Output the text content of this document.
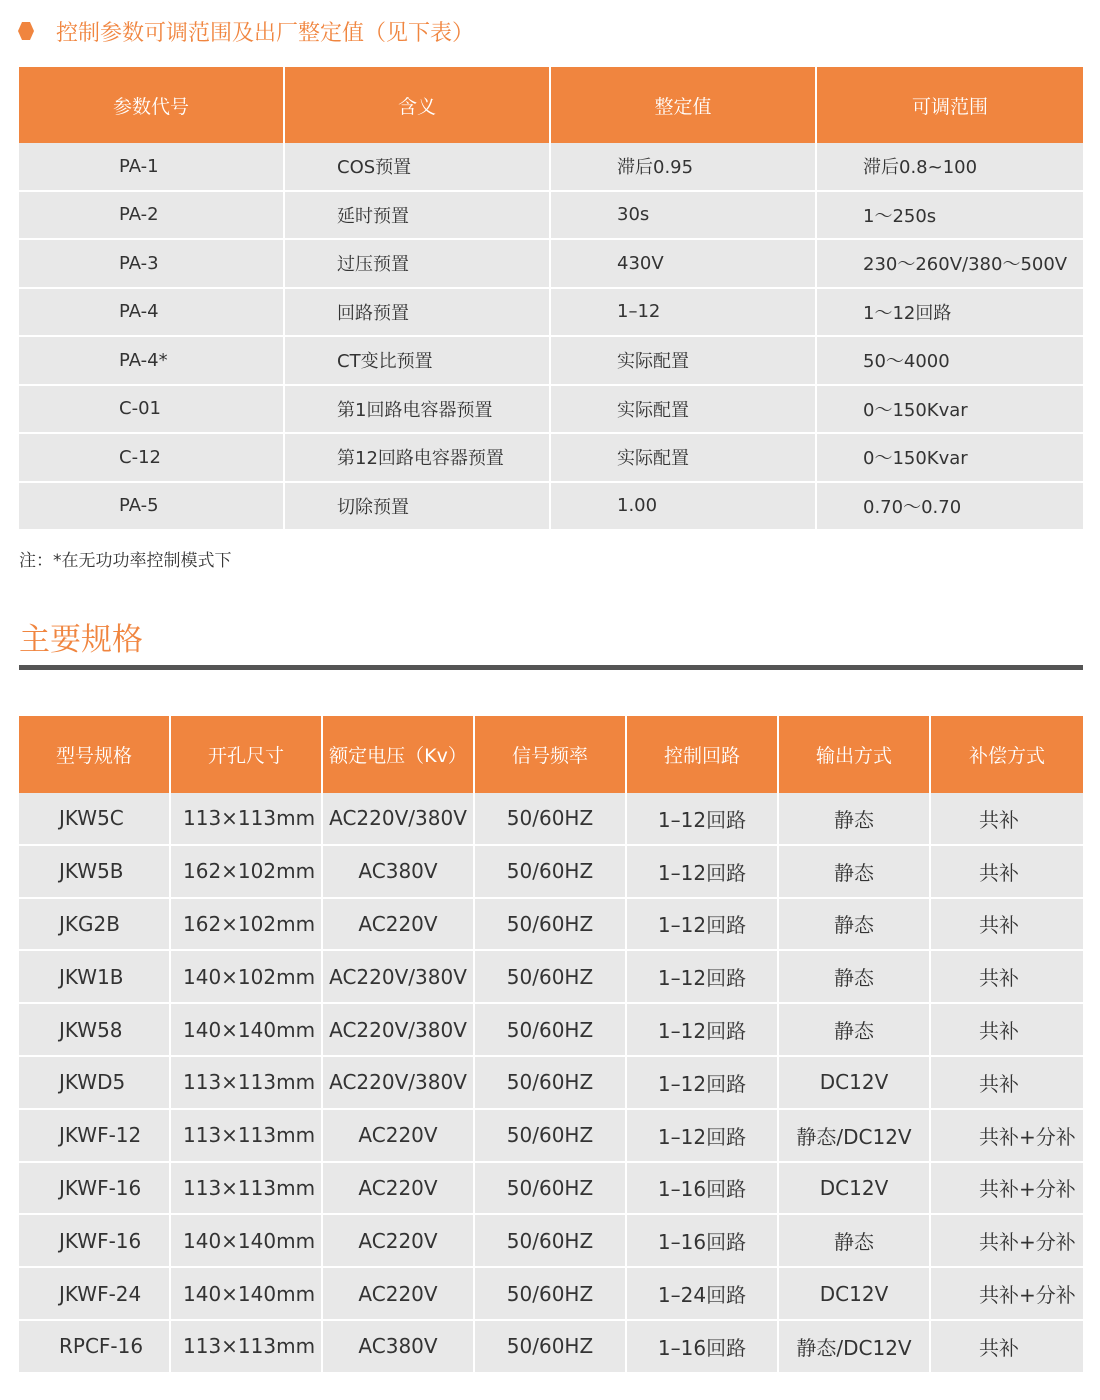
控制参数可调范围及出厂整定值（见下表）
参数代号	含义	整定值	可调范围
PA-1	COS预置	滞后0.95	滞后0.8~100
PA-2	延时预置	30s	1～250s
PA-3	过压预置	430V	230～260V/380～500V
PA-4	回路预置	1–12	1～12回路
PA-4*	CT变比预置	实际配置	50～4000
C-01	第1回路电容器预置	实际配置	0～150Kvar
C-12	第12回路电容器预置	实际配置	0～150Kvar
PA-5	切除预置	1.00	0.70～0.70
注：*在无功功率控制模式下
主要规格
型号规格	开孔尺寸	额定电压（Kv）	信号频率	控制回路	输出方式	补偿方式
JKW5C	113×113mm AC220V/380V	50/60HZ	1–12回路	静态	共补
JKW5B	162×102mm	AC380V	50/60HZ	1–12回路	静态	共补
JKG2B	162×102mm	AC220V	50/60HZ	1–12回路	静态	共补
JKW1B	140×102mm AC220V/380V	50/60HZ	1–12回路	静态	共补
JKW58	140×140mm AC220V/380V	50/60HZ	1–12回路	静态	共补
JKWD5	113×113mm AC220V/380V	50/60HZ	1–12回路	DC12V	共补
JKWF-12	113×113mm	AC220V	50/60HZ	1–12回路	静态/DC12V	共补+分补
JKWF-16	113×113mm	AC220V	50/60HZ	1–16回路	DC12V	共补+分补
JKWF-16	140×140mm	AC220V	50/60HZ	1–16回路	静态	共补+分补
JKWF-24	140×140mm	AC220V	50/60HZ	1–24回路	DC12V	共补+分补
RPCF-16	113×113mm	AC380V	50/60HZ	1–16回路	静态/DC12V	共补
